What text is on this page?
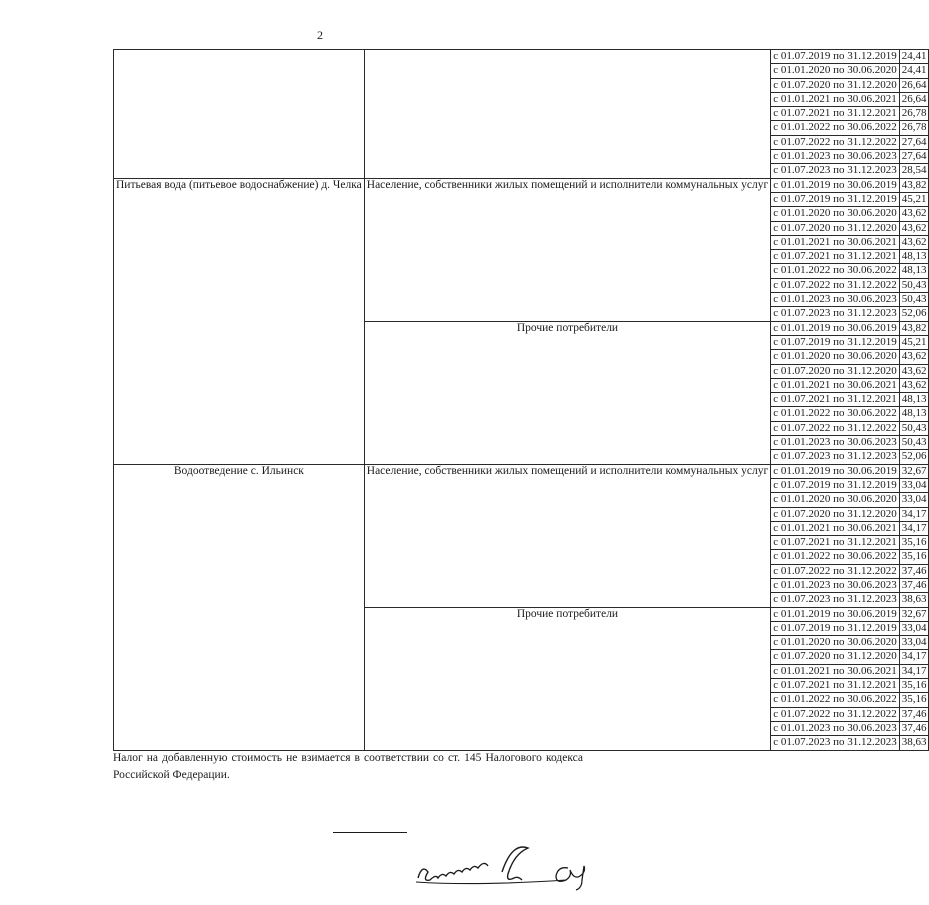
2
		с 01.07.2019 по 31.12.2019	24,41
		с 01.01.2020 по 30.06.2020	24,41
		с 01.07.2020 по 31.12.2020	26,64
		с 01.01.2021 по 30.06.2021	26,64
		с 01.07.2021 по 31.12.2021	26,78
		с 01.01.2022 по 30.06.2022	26,78
		с 01.07.2022 по 31.12.2022	27,64
		с 01.01.2023 по 30.06.2023	27,64
		с 01.07.2023 по 31.12.2023	28,54
Питьевая вода (питьевое водоснабжение) д. Челка	Население, собственники жилых помещений и исполнители коммунальных услуг	с 01.01.2019 по 30.06.2019	43,82
		с 01.07.2019 по 31.12.2019	45,21
		с 01.01.2020 по 30.06.2020	43,62
		с 01.07.2020 по 31.12.2020	43,62
		с 01.01.2021 по 30.06.2021	43,62
		с 01.07.2021 по 31.12.2021	48,13
		с 01.01.2022 по 30.06.2022	48,13
		с 01.07.2022 по 31.12.2022	50,43
		с 01.01.2023 по 30.06.2023	50,43
		с 01.07.2023 по 31.12.2023	52,06
	Прочие потребители	с 01.01.2019 по 30.06.2019	43,82
		с 01.07.2019 по 31.12.2019	45,21
		с 01.01.2020 по 30.06.2020	43,62
		с 01.07.2020 по 31.12.2020	43,62
		с 01.01.2021 по 30.06.2021	43,62
		с 01.07.2021 по 31.12.2021	48,13
		с 01.01.2022 по 30.06.2022	48,13
		с 01.07.2022 по 31.12.2022	50,43
		с 01.01.2023 по 30.06.2023	50,43
		с 01.07.2023 по 31.12.2023	52,06
Водоотведение с. Ильинск	Население, собственники жилых помещений и исполнители коммунальных услуг	с 01.01.2019 по 30.06.2019	32,67
		с 01.07.2019 по 31.12.2019	33,04
		с 01.01.2020 по 30.06.2020	33,04
		с 01.07.2020 по 31.12.2020	34,17
		с 01.01.2021 по 30.06.2021	34,17
		с 01.07.2021 по 31.12.2021	35,16
		с 01.01.2022 по 30.06.2022	35,16
		с 01.07.2022 по 31.12.2022	37,46
		с 01.01.2023 по 30.06.2023	37,46
		с 01.07.2023 по 31.12.2023	38,63
	Прочие потребители	с 01.01.2019 по 30.06.2019	32,67
		с 01.07.2019 по 31.12.2019	33,04
		с 01.01.2020 по 30.06.2020	33,04
		с 01.07.2020 по 31.12.2020	34,17
		с 01.01.2021 по 30.06.2021	34,17
		с 01.07.2021 по 31.12.2021	35,16
		с 01.01.2022 по 30.06.2022	35,16
		с 01.07.2022 по 31.12.2022	37,46
		с 01.01.2023 по 30.06.2023	37,46
		с 01.07.2023 по 31.12.2023	38,63
Налог на добавленную стоимость не взимается в соответствии со ст. 145 Налогового кодекса Российской Федерации.
